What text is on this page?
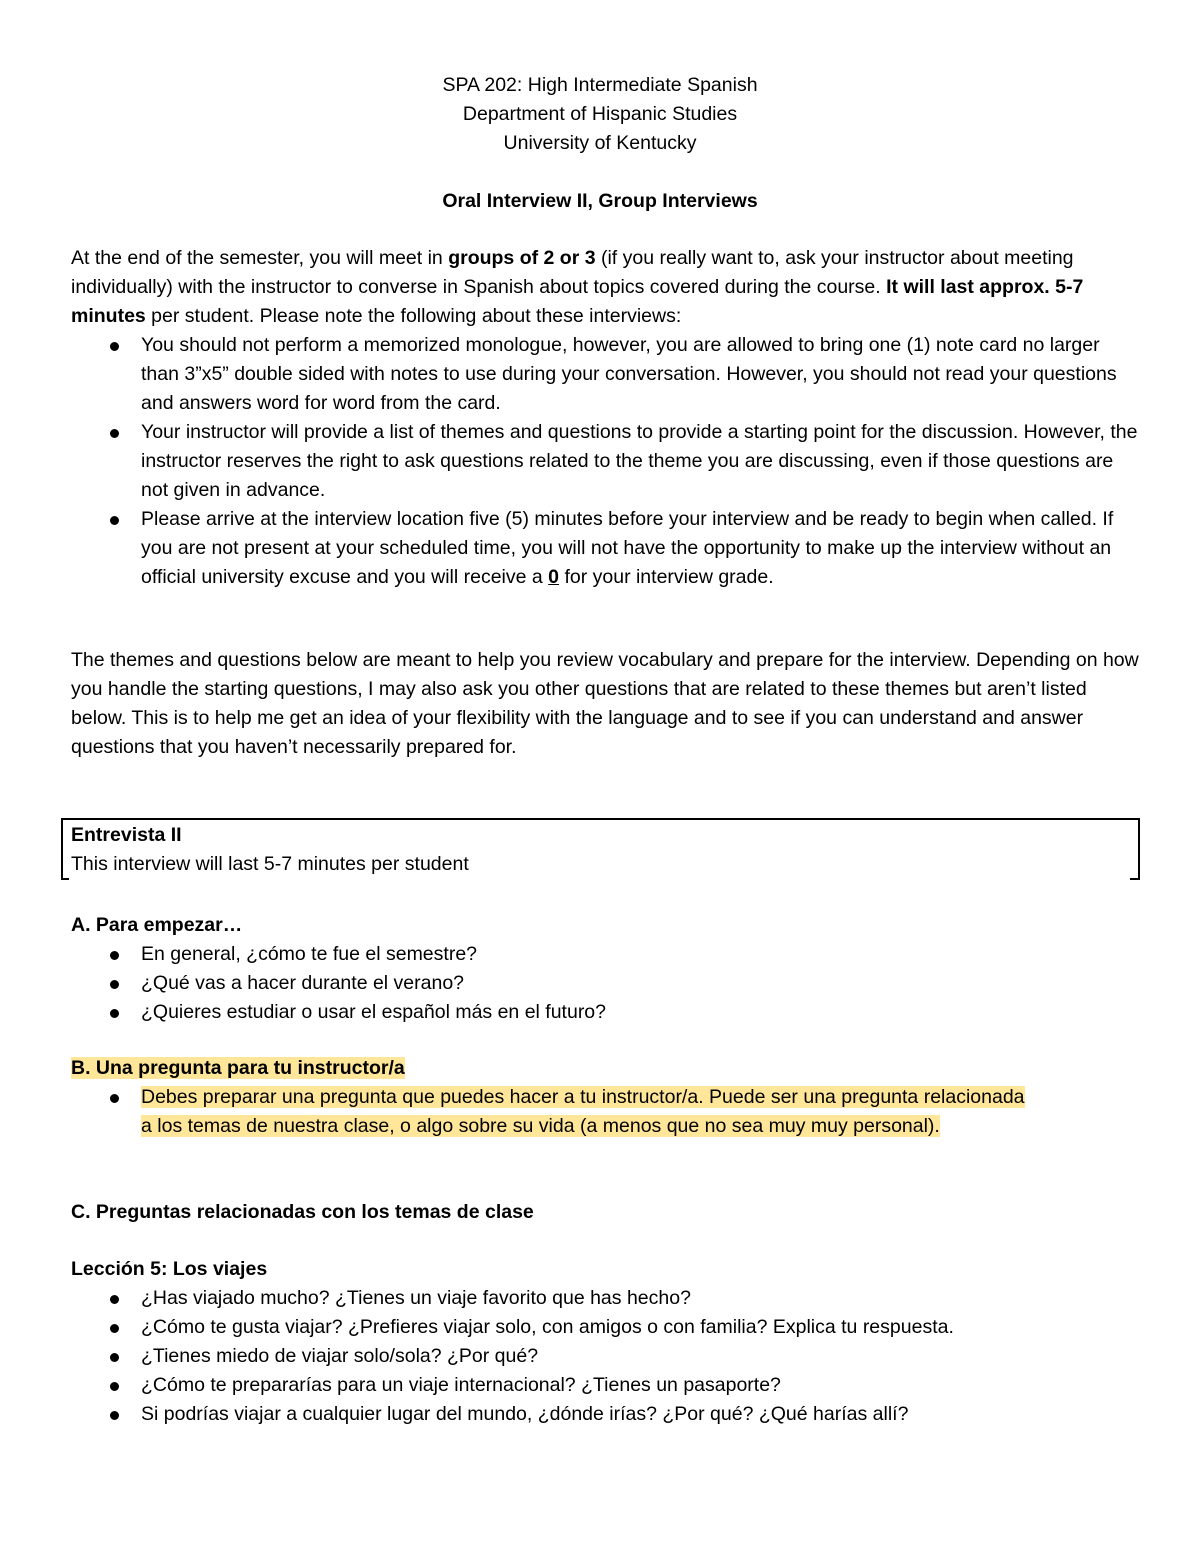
SPA 202: High Intermediate Spanish
Department of Hispanic Studies
University of Kentucky
Oral Interview II, Group Interviews

At the end of the semester, you will meet in groups of 2 or 3 (if you really want to, ask your instructor about meeting individually) with the instructor to converse in Spanish about topics covered during the course. It will last approx. 5-7 minutes per student. Please note the following about these interviews:

You should not perform a memorized monologue, however, you are allowed to bring one (1) note card no larger than 3”x5” double sided with notes to use during your conversation. However, you should not read your questions and answers word for word from the card.
Your instructor will provide a list of themes and questions to provide a starting point for the discussion. However, the instructor reserves the right to ask questions related to the theme you are discussing, even if those questions are not given in advance.
Please arrive at the interview location five (5) minutes before your interview and be ready to begin when called. If you are not present at your scheduled time, you will not have the opportunity to make up the interview without an official university excuse and you will receive a 0 for your interview grade.

The themes and questions below are meant to help you review vocabulary and prepare for the interview. Depending on how you handle the starting questions, I may also ask you other questions that are related to these themes but aren’t listed below. This is to help me get an idea of your flexibility with the language and to see if you can understand and answer questions that you haven’t necessarily prepared for.

Entrevista II
This interview will last 5-7 minutes per student
A. Para empezar…
En general, ¿cómo te fue el semestre?
¿Qué vas a hacer durante el verano?
¿Quieres estudiar o usar el español más en el futuro?
B. Una pregunta para tu instructor/a
Debes preparar una pregunta que puedes hacer a tu instructor/a. Puede ser una pregunta relacionada
a los temas de nuestra clase, o algo sobre su vida (a menos que no sea muy muy personal).
C. Preguntas relacionadas con los temas de clase
Lección 5: Los viajes
¿Has viajado mucho? ¿Tienes un viaje favorito que has hecho?
¿Cómo te gusta viajar? ¿Prefieres viajar solo, con amigos o con familia? Explica tu respuesta.
¿Tienes miedo de viajar solo/sola? ¿Por qué?
¿Cómo te prepararías para un viaje internacional? ¿Tienes un pasaporte?
Si podrías viajar a cualquier lugar del mundo, ¿dónde irías? ¿Por qué? ¿Qué harías allí?
